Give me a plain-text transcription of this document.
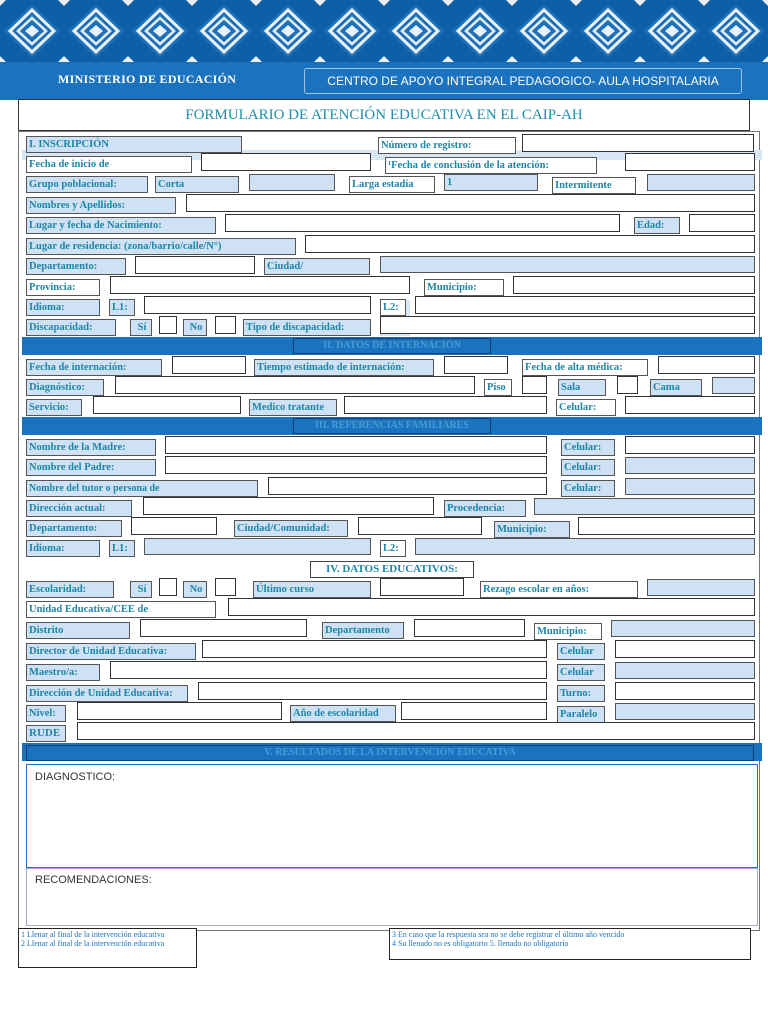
MINISTERIO DE EDUCACIÓN	CENTRO DE APOYO INTEGRAL PEDAGOGICO- AULA HOSPITALARIA
FORMULARIO DE ATENCIÓN EDUCATIVA EN EL CAIP-AH
I. INSCRIPCIÓN	Número de registro:
Fecha de inicio de	¹Fecha de conclusión de la atención:
Grupo poblacional:	Corta	Larga estadía	1	Intermitente
Nombres y Apellidos:
Lugar y fecha de Nacimiento:	Edad:
Lugar de residencia: (zona/barrio/calle/N°)
Departamento:	Ciudad/
Provincia:	Municipio:
Idioma:	L1:	L2:
Discapacidad:	Sí	No	Tipo de discapacidad:
II. DATOS DE INTERNACIÓN
Fecha de internación:	Tiempo estimado de internación:	Fecha de alta médica:
Diagnóstico:	Piso	Sala	Cama
Servicio:	Medico tratante	Celular:
III. REFERENCIAS FAMILIARES
Nombre de la Madre:	Celular:
Nombre del Padre:	Celular:
Nombre del tutor o persona de	Celular:
Dirección actual:	Procedencia:
Departamento:	Ciudad/Comunidad:	Municipio:
Idioma:	L1:	L2:
IV. DATOS EDUCATIVOS:
Escolaridad:	Sí	No	Último curso	Rezago escolar en años:
Unidad Educativa/CEE de
Distrito	Departamento	Municipio:
Director de Unidad Educativa:	Celular
Maestro/a:	Celular
Dirección de Unidad Educativa:	Turno:
Nivel:	Año de escolaridad	Paralelo
RUDE
V. RESULTADOS DE LA INTERVENCIÓN EDUCATIVA
DIAGNOSTICO:
RECOMENDACIONES:
1 Llenar al final de la intervención educativa
2 Llenar al final de la intervención educativa
3 En caso que la respuesta sea no se debe registrar el último año vencido
4 Su llenado no es obligatorio 5. llenado no obligatorio
